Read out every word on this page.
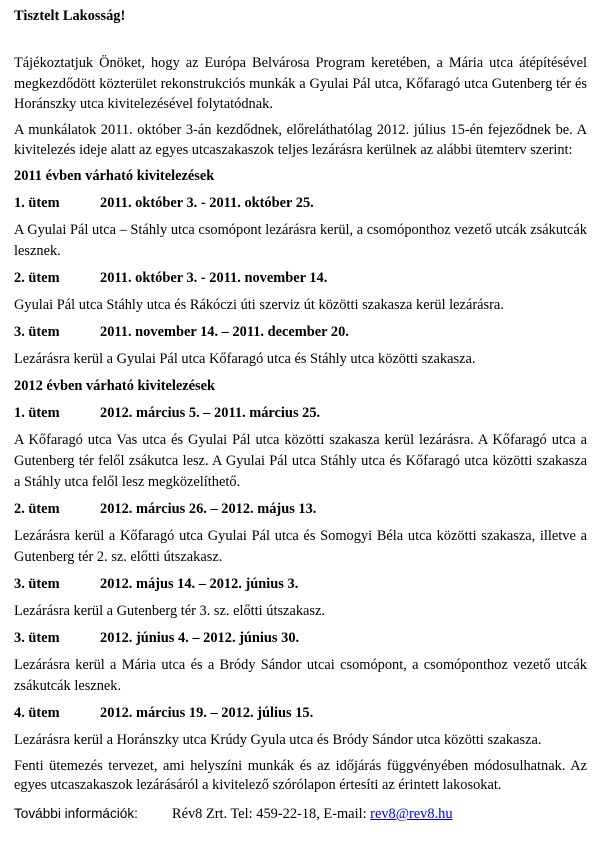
Tisztelt Lakosság!
Tájékoztatjuk Önöket, hogy az Európa Belvárosa Program keretében, a Mária utca átépítésével megkezdődött közterület rekonstrukciós munkák a Gyulai Pál utca, Kőfaragó utca Gutenberg tér és Horánszky utca kivitelezésével folytatódnak.
A munkálatok 2011. október 3-án kezdődnek, előreláthatólag 2012. július 15-én fejeződnek be. A kivitelezés ideje alatt az egyes utcaszakaszok teljes lezárásra kerülnek az alábbi ütemterv szerint:
2011 évben várható kivitelezések
1. ütem	2011. október 3. - 2011. október 25.
A Gyulai Pál utca – Stáhly utca csomópont lezárásra kerül, a csomóponthoz vezető utcák zsákutcák lesznek.
2. ütem	2011. október 3. - 2011. november 14.
Gyulai Pál utca Stáhly utca és Rákóczi úti szerviz út közötti szakasza kerül lezárásra.
3. ütem	2011. november 14. – 2011. december 20.
Lezárásra kerül a Gyulai Pál utca Kőfaragó utca és Stáhly utca közötti szakasza.
2012 évben várható kivitelezések
1. ütem	2012. március 5. – 2011. március 25.
A Kőfaragó utca Vas utca és Gyulai Pál utca közötti szakasza kerül lezárásra. A Kőfaragó utca a Gutenberg tér felől zsákutca lesz. A Gyulai Pál utca Stáhly utca és Kőfaragó utca közötti szakasza a Stáhly utca felől lesz megközelíthető.
2. ütem	2012. március 26. – 2012. május 13.
Lezárásra kerül a Kőfaragó utca Gyulai Pál utca és Somogyi Béla utca közötti szakasza, illetve a Gutenberg tér 2. sz. előtti útszakasz.
3. ütem	2012. május 14. – 2012. június 3.
Lezárásra kerül a Gutenberg tér 3. sz. előtti útszakasz.
3. ütem	2012. június 4. – 2012. június 30.
Lezárásra kerül a Mária utca és a Bródy Sándor utcai csomópont, a csomóponthoz vezető utcák zsákutcák lesznek.
4. ütem	2012. március 19. – 2012. július 15.
Lezárásra kerül a Horánszky utca Krúdy Gyula utca és Bródy Sándor utca közötti szakasza.
Fenti ütemezés tervezet, ami helyszíni munkák és az időjárás függvényében módosulhatnak. Az egyes utcaszakaszok lezárásáról a kivitelező szórólapon értesíti az érintett lakosokat.
További információk:	Rév8 Zrt. Tel: 459-22-18, E-mail: rev8@rev8.hu
